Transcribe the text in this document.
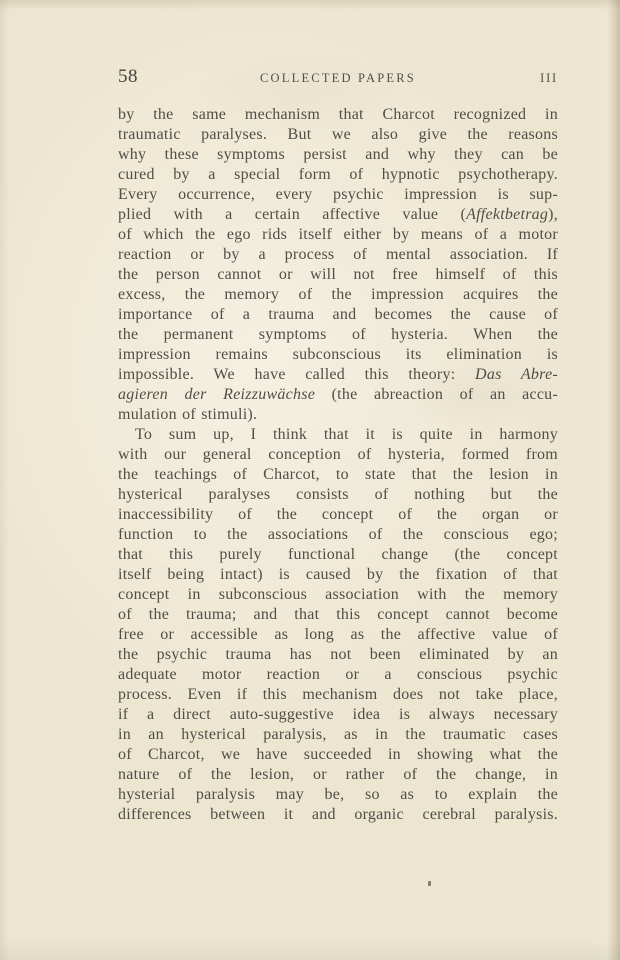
58	COLLECTED PAPERS	III
by the same mechanism that Charcot recognized in
traumatic paralyses. But we also give the reasons
why these symptoms persist and why they can be
cured by a special form of hypnotic psychotherapy.
Every occurrence, every psychic impression is sup-
plied with a certain affective value (Affektbetrag),
of which the ego rids itself either by means of a motor
reaction or by a process of mental association. If
the person cannot or will not free himself of this
excess, the memory of the impression acquires the
importance of a trauma and becomes the cause of
the permanent symptoms of hysteria. When the
impression remains subconscious its elimination is
impossible. We have called this theory: Das Abre-
agieren der Reizzuwächse (the abreaction of an accu-
mulation of stimuli).
To sum up, I think that it is quite in harmony
with our general conception of hysteria, formed from
the teachings of Charcot, to state that the lesion in
hysterical paralyses consists of nothing but the
inaccessibility of the concept of the organ or
function to the associations of the conscious ego;
that this purely functional change (the concept
itself being intact) is caused by the fixation of that
concept in subconscious association with the memory
of the trauma; and that this concept cannot become
free or accessible as long as the affective value of
the psychic trauma has not been eliminated by an
adequate motor reaction or a conscious psychic
process. Even if this mechanism does not take place,
if a direct auto-suggestive idea is always necessary
in an hysterical paralysis, as in the traumatic cases
of Charcot, we have succeeded in showing what the
nature of the lesion, or rather of the change, in
hysterial paralysis may be, so as to explain the
differences between it and organic cerebral paralysis.
